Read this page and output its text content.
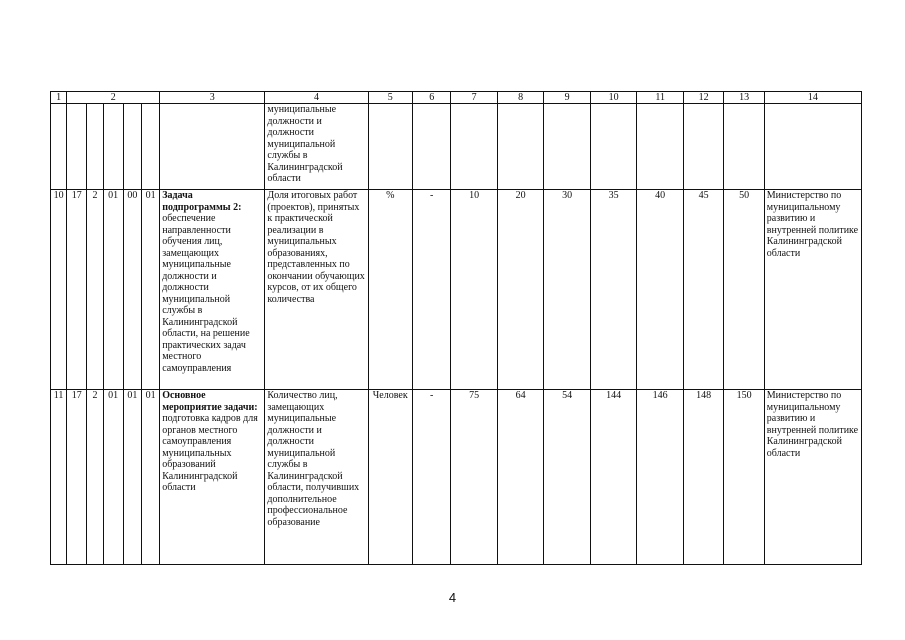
1	2					3	4	5	6	7	8	9	10	11	12	13	14
							муниципальные должности и должности муниципальной службы в Калининградской области										
10	17	2	01	00	01	Задача подпрограммы 2: обеспечение направленности обучения лиц, замещающих муниципальные должности и должности муниципальной службы в Калининградской области, на решение практических задач местного самоуправления	Доля итоговых работ (проектов), принятых к практической реализации в муниципальных образованиях, представленных по окончании обучающих курсов, от их общего количества	%	-	10	20	30	35	40	45	50	Министерство по муниципальному развитию и внутренней политике Калининградской области
11	17	2	01	01	01	Основное мероприятие задачи: подготовка кадров для органов местного самоуправления муниципальных образований Калининградской области	Количество лиц, замещающих муниципальные должности и должности муниципальной службы в Калининградской области, получивших дополнительное профессиональное образование	Человек	-	75	64	54	144	146	148	150	Министерство по муниципальному развитию и внутренней политике Калининградской области
4
